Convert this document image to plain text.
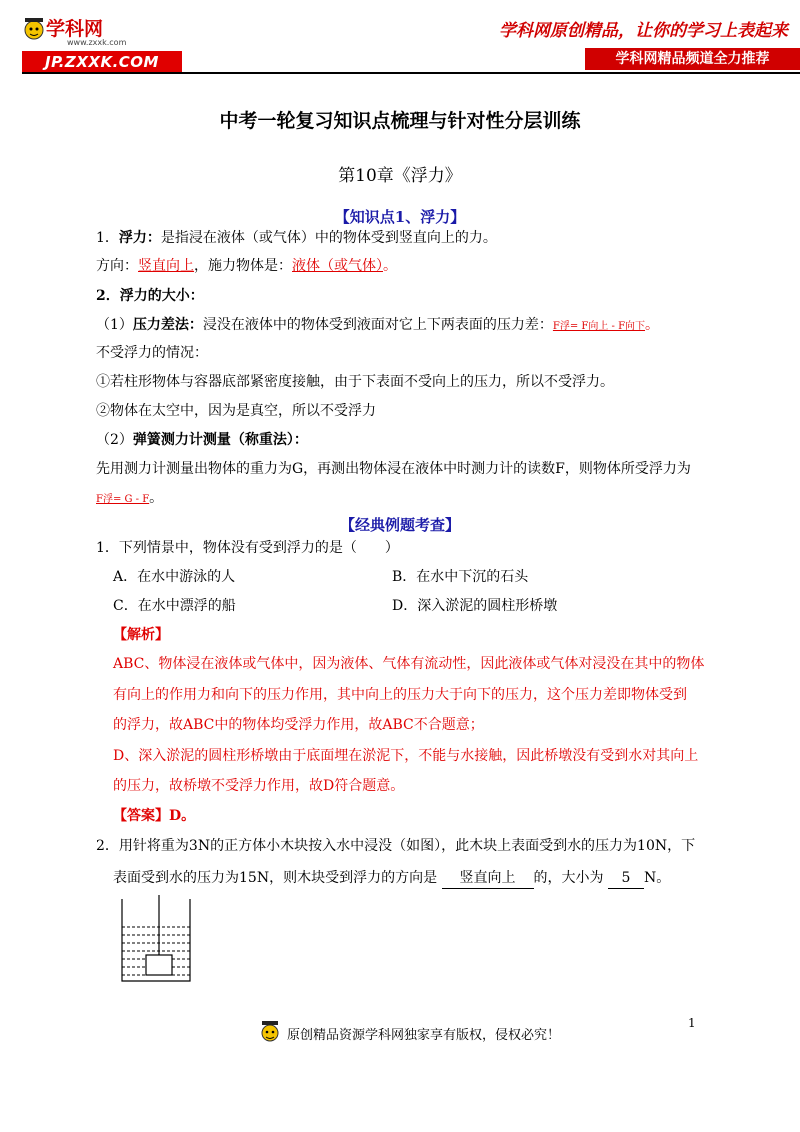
学科网
www.zxxk.com
JP.ZXXK.COM
学科网原创精品，让你的学习上表起来
学科网精品频道全力推荐
中考一轮复习知识点梳理与针对性分层训练
第10章《浮力》
【知识点1、浮力】
1．浮力：是指浸在液体（或气体）中的物体受到竖直向上的力。
方向：竖直向上，施力物体是：液体（或气体）。
2．浮力的大小：
（1）压力差法：浸没在液体中的物体受到液面对它上下两表面的压力差：F浮= F向上 - F向下。
不受浮力的情况：
①若柱形物体与容器底部紧密度接触，由于下表面不受向上的压力，所以不受浮力。
②物体在太空中，因为是真空，所以不受浮力
（2）弹簧测力计测量（称重法）：
先用测力计测量出物体的重力为G，再测出物体浸在液体中时测力计的读数F，则物体所受浮力为
F浮= G - F。
【经典例题考查】
1．下列情景中，物体没有受到浮力的是（　　）
A．在水中游泳的人	B．在水中下沉的石头
C．在水中漂浮的船	D．深入淤泥的圆柱形桥墩
【解析】
ABC、物体浸在液体或气体中，因为液体、气体有流动性，因此液体或气体对浸没在其中的物体
有向上的作用力和向下的压力作用，其中向上的压力大于向下的压力，这个压力差即物体受到
的浮力，故ABC中的物体均受浮力作用，故ABC不合题意；
D、深入淤泥的圆柱形桥墩由于底面埋在淤泥下，不能与水接触，因此桥墩没有受到水对其向上
的压力，故桥墩不受浮力作用，故D符合题意。
【答案】D。
2．用针将重为3N的正方体小木块按入水中浸没（如图），此木块上表面受到水的压力为10N，下
表面受到水的压力为15N，则木块受到浮力的方向是 竖直向上 的，大小为 5 N。
1
原创精品资源学科网独家享有版权，侵权必究！
